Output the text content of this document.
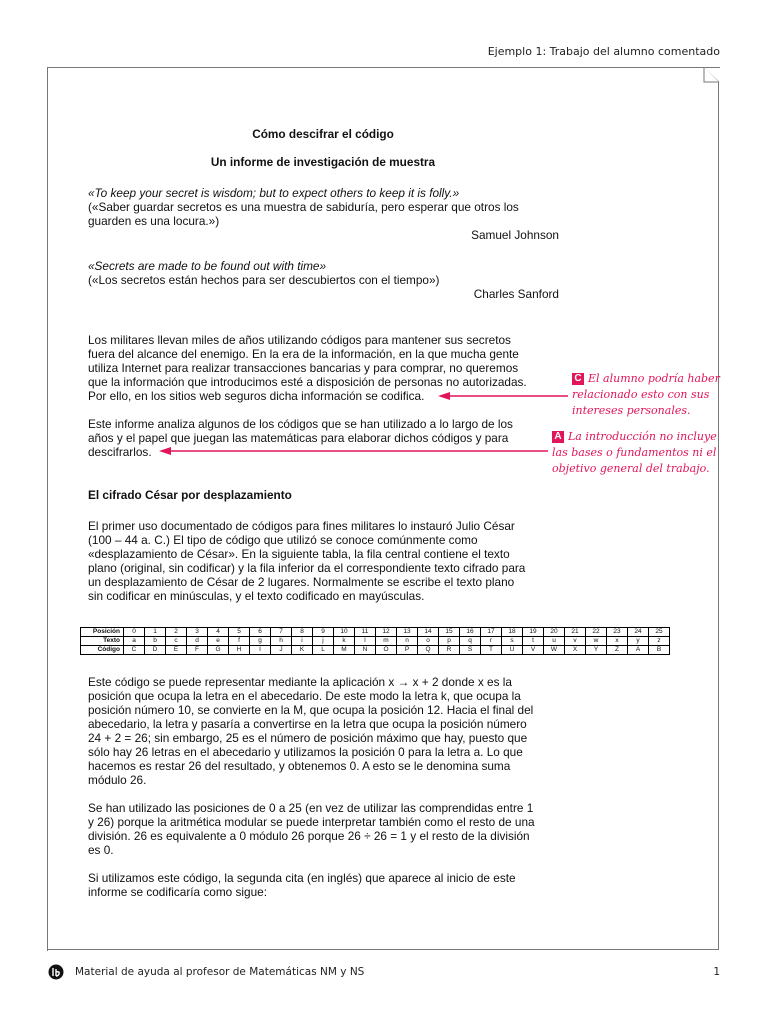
Ejemplo 1: Trabajo del alumno comentado
Cómo descifrar el código
Un informe de investigación de muestra
«To keep your secret is wisdom; but to expect others to keep it is folly.»
(«Saber guardar secretos es una muestra de sabiduría, pero esperar que otros los
guarden es una locura.»)
Samuel Johnson
«Secrets are made to be found out with time»
(«Los secretos están hechos para ser descubiertos con el tiempo»)
Charles Sanford
Los militares llevan miles de años utilizando códigos para mantener sus secretos
fuera del alcance del enemigo. En la era de la información, en la que mucha gente
utiliza Internet para realizar transacciones bancarias y para comprar, no queremos
que la información que introducimos esté a disposición de personas no autorizadas.
Por ello, en los sitios web seguros dicha información se codifica.
Este informe analiza algunos de los códigos que se han utilizado a lo largo de los
años y el papel que juegan las matemáticas para elaborar dichos códigos y para
descifrarlos.
C El alumno podría haber
relacionado esto con sus
intereses personales.
A La introducción no incluye
las bases o fundamentos ni el
objetivo general del trabajo.
El cifrado César por desplazamiento
El primer uso documentado de códigos para fines militares lo instauró Julio César
(100 – 44 a. C.) El tipo de código que utilizó se conoce comúnmente como
«desplazamiento de César». En la siguiente tabla, la fila central contiene el texto
plano (original, sin codificar) y la fila inferior da el correspondiente texto cifrado para
un desplazamiento de César de 2 lugares. Normalmente se escribe el texto plano
sin codificar en minúsculas, y el texto codificado en mayúsculas.
Posición	0	1	2	3	4	5	6	7	8	9	10	11	12	13	14	15	16	17	18	19	20	21	22	23	24	25
Texto	a	b	c	d	e	f	g	h	i	j	k	l	m	n	o	p	q	r	s	t	u	v	w	x	y	z
Código	C	D	E	F	G	H	I	J	K	L	M	N	O	P	Q	R	S	T	U	V	W	X	Y	Z	A	B
Este código se puede representar mediante la aplicación x → x + 2 donde x es la
posición que ocupa la letra en el abecedario. De este modo la letra k, que ocupa la
posición número 10, se convierte en la M, que ocupa la posición 12. Hacia el final del
abecedario, la letra y pasaría a convertirse en la letra que ocupa la posición número
24 + 2 = 26; sin embargo, 25 es el número de posición máximo que hay, puesto que
sólo hay 26 letras en el abecedario y utilizamos la posición 0 para la letra a. Lo que
hacemos es restar 26 del resultado, y obtenemos 0. A esto se le denomina suma
módulo 26.
Se han utilizado las posiciones de 0 a 25 (en vez de utilizar las comprendidas entre 1
y 26) porque la aritmética modular se puede interpretar también como el resto de una
división. 26 es equivalente a 0 módulo 26 porque 26 ÷ 26 = 1 y el resto de la división
es 0.
Si utilizamos este código, la segunda cita (en inglés) que aparece al inicio de este
informe se codificaría como sigue:
Material de ayuda al profesor de Matemáticas NM y NS	1
